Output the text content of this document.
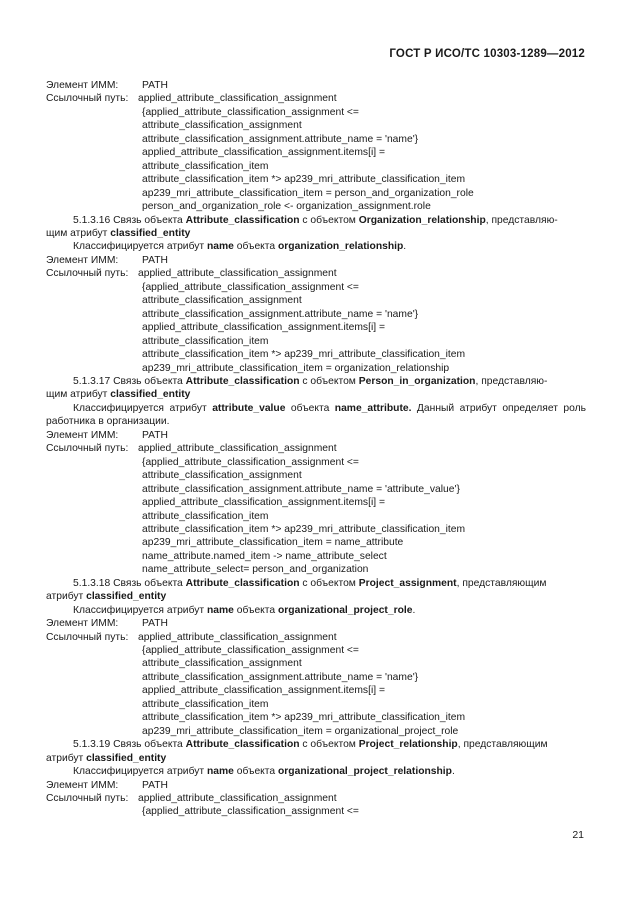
ГОСТ Р ИСО/ТС 10303-1289—2012
Элемент ИММ:	PATH
Ссылочный путь: applied_attribute_classification_assignment
{applied_attribute_classification_assignment <=
attribute_classification_assignment
attribute_classification_assignment.attribute_name = 'name'}
applied_attribute_classification_assignment.items[i] =
attribute_classification_item
attribute_classification_item *> ap239_mri_attribute_classification_item
ap239_mri_attribute_classification_item = person_and_organization_role
person_and_organization_role <- organization_assignment.role
5.1.3.16 Связь объекта Attribute_classification с объектом Organization_relationship, представляю-
щим атрибут classified_entity
Классифицируется атрибут name объекта organization_relationship.
Элемент ИММ:	PATH
Ссылочный путь: applied_attribute_classification_assignment
{applied_attribute_classification_assignment <=
attribute_classification_assignment
attribute_classification_assignment.attribute_name = 'name'}
applied_attribute_classification_assignment.items[i] =
attribute_classification_item
attribute_classification_item *> ap239_mri_attribute_classification_item
ap239_mri_attribute_classification_item = organization_relationship
5.1.3.17 Связь объекта Attribute_classification с объектом Person_in_organization, представляю-
щим атрибут classified_entity
Классифицируется атрибут attribute_value объекта name_attribute. Данный атрибут определяет роль работника в организации.
Элемент ИММ:	PATH
Ссылочный путь: applied_attribute_classification_assignment
{applied_attribute_classification_assignment <=
attribute_classification_assignment
attribute_classification_assignment.attribute_name = 'attribute_value'}
applied_attribute_classification_assignment.items[i] =
attribute_classification_item
attribute_classification_item *> ap239_mri_attribute_classification_item
ap239_mri_attribute_classification_item = name_attribute
name_attribute.named_item -> name_attribute_select
name_attribute_select= person_and_organization
5.1.3.18 Связь объекта Attribute_classification с объектом Project_assignment, представляющим
атрибут classified_entity
Классифицируется атрибут name объекта organizational_project_role.
Элемент ИММ:	PATH
Ссылочный путь: applied_attribute_classification_assignment
{applied_attribute_classification_assignment <=
attribute_classification_assignment
attribute_classification_assignment.attribute_name = 'name'}
applied_attribute_classification_assignment.items[i] =
attribute_classification_item
attribute_classification_item *> ap239_mri_attribute_classification_item
ap239_mri_attribute_classification_item = organizational_project_role
5.1.3.19 Связь объекта Attribute_classification с объектом Project_relationship, представляющим
атрибут classified_entity
Классифицируется атрибут name объекта organizational_project_relationship.
Элемент ИММ:	PATH
Ссылочный путь: applied_attribute_classification_assignment
{applied_attribute_classification_assignment <=
21
